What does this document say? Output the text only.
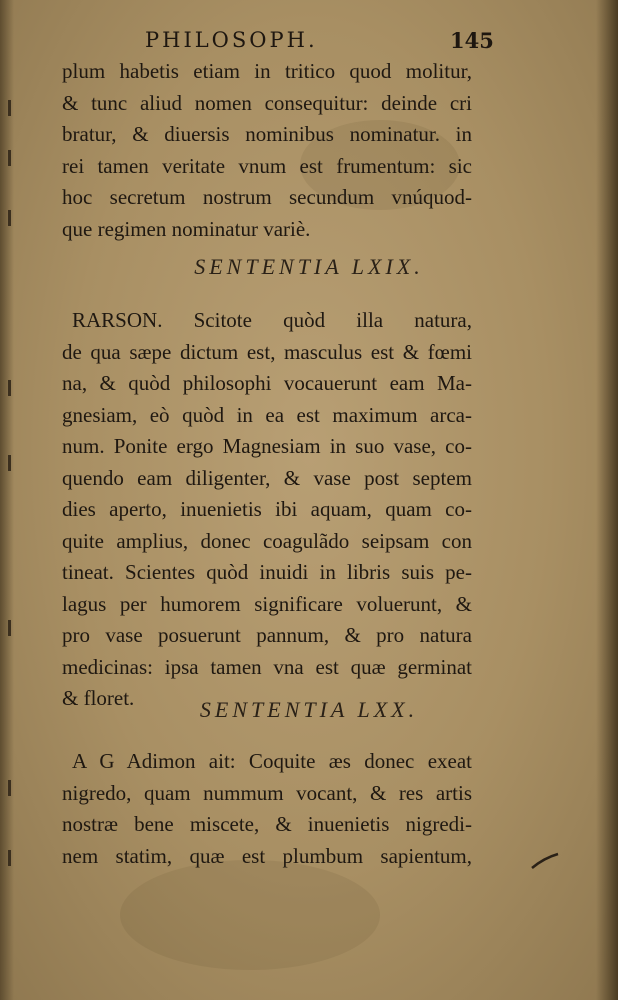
PHILOSOPH.	145
plum habetis etiam in tritico quod molitur,
& tunc aliud nomen consequitur: deinde cri
bratur, & diuersis nominibus nominatur. in
rei tamen veritate vnum est frumentum: sic
hoc secretum nostrum secundum vnúquod-
que regimen nominatur variè.
SENTENTIA LXIX.
RARSON. Scitote quòd illa natura,
de qua sæpe dictum est, masculus est & fœmi
na, & quòd philosophi vocauerunt eam Ma-
gnesiam, eò quòd in ea est maximum arca-
num. Ponite ergo Magnesiam in suo vase, co-
quendo eam diligenter, & vase post septem
dies aperto, inuenietis ibi aquam, quam co-
quite amplius, donec coagulãdo seipsam con
tineat. Scientes quòd inuidi in libris suis pe-
lagus per humorem significare voluerunt, &
pro vase posuerunt pannum, & pro natura
medicinas: ipsa tamen vna est quæ germinat
& floret.	SENTENTIA LXX.
A G Adimon ait: Coquite æs donec exeat
nigredo, quam nummum vocant, & res artis
nostræ bene miscete, & inuenietis nigredi-
nem statim, quæ est plumbum sapientum,
